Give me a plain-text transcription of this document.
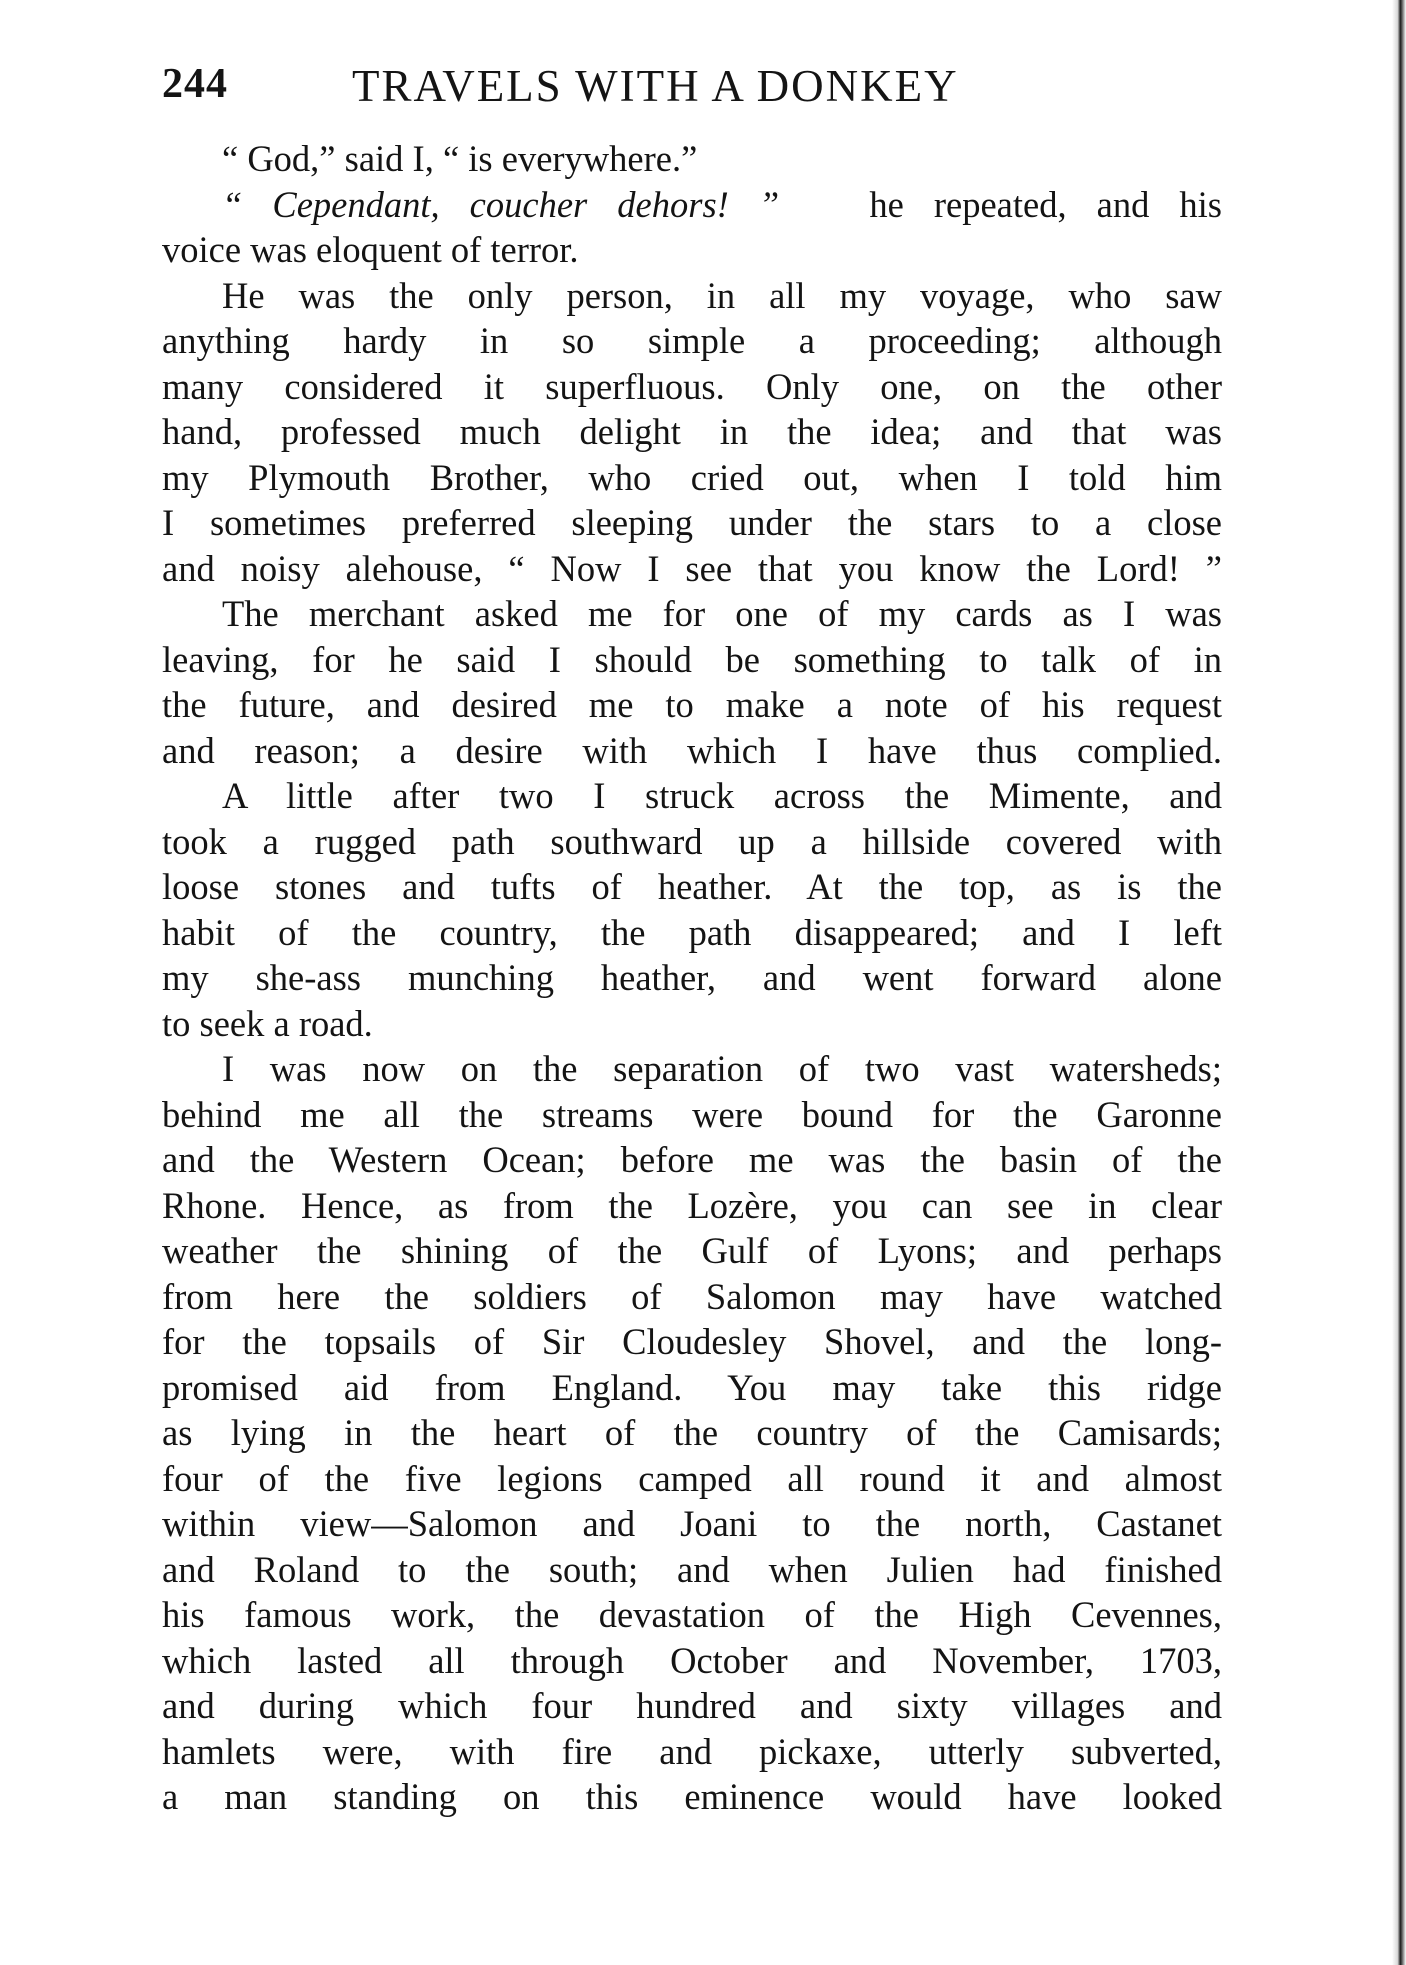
244	TRAVELS WITH A DONKEY
“ God,” said I, “ is everywhere.”
“ Cependant, coucher dehors! ” he repeated, and his
voice was eloquent of terror.
He was the only person, in all my voyage, who saw
anything hardy in so simple a proceeding; although
many considered it superfluous. Only one, on the other
hand, professed much delight in the idea; and that was
my Plymouth Brother, who cried out, when I told him
I sometimes preferred sleeping under the stars to a close
and noisy alehouse, “ Now I see that you know the Lord! ”
The merchant asked me for one of my cards as I was
leaving, for he said I should be something to talk of in
the future, and desired me to make a note of his request
and reason; a desire with which I have thus complied.
A little after two I struck across the Mimente, and
took a rugged path southward up a hillside covered with
loose stones and tufts of heather. At the top, as is the
habit of the country, the path disappeared; and I left
my she-ass munching heather, and went forward alone
to seek a road.
I was now on the separation of two vast watersheds;
behind me all the streams were bound for the Garonne
and the Western Ocean; before me was the basin of the
Rhone. Hence, as from the Lozère, you can see in clear
weather the shining of the Gulf of Lyons; and perhaps
from here the soldiers of Salomon may have watched
for the topsails of Sir Cloudesley Shovel, and the long-
promised aid from England. You may take this ridge
as lying in the heart of the country of the Camisards;
four of the five legions camped all round it and almost
within view—Salomon and Joani to the north, Castanet
and Roland to the south; and when Julien had finished
his famous work, the devastation of the High Cevennes,
which lasted all through October and November, 1703,
and during which four hundred and sixty villages and
hamlets were, with fire and pickaxe, utterly subverted,
a man standing on this eminence would have looked
